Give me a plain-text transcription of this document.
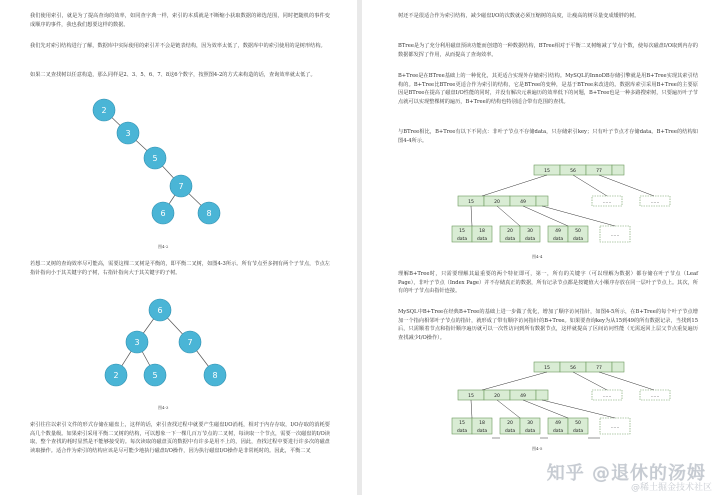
我们使用索引，就是为了提高查询的效率，如同查字典一样，索引的本质就是不断缩小获取数据的筛选范围，同时把随机的事件变成顺序的事件，我也我们想要这样的数据。

我们先对索引结构进行了解，数据库中实际使用的索引并不会是链表结构，因为效率太低了，数据库中的索引使用的是树形结构。

如果二叉查找树以任意构造，那么同样是2、3、5、6、7、8这6个数字，按照图4-2的方式来构造的话，查询效率就太低了。

2
3
5
7
6	8
6
3	7
2	5	8
图4-2

若想二叉树的查询效率尽可能高，需要这棵二叉树是平衡的，即平衡二叉树，如图4-3所示。所有节点至多拥有两个子节点，节点左指针指向小于其关键字的子树，右指针指向大于其关键字的子树。

图4-3

索引往往以索引文件的形式存储在磁盘上，这样的话，索引查找过程中就要产生磁盘I/O消耗，相对于内存存取，I/O存取的消耗要高几个数量级。如果索引采用平衡二叉树的结构，可以想象一下一棵几百万节点的二叉树，每读取一个节点，需要一次磁盘的I/O读取，整个查找的耗时显然是不能够接受的。每次读取的磁盘页的数据中有许多是用不上的，因此，查找过程中要进行许多次的磁盘读取操作。适合作为索引的结构应该是尽可能少地执行磁盘I/O操作，因为执行磁盘I/O操作是非常耗时的。因此，平衡二叉

树还不是很适合作为索引结构，减少磁盘I/O的次数就必须压缩树的高度，让瘦高的树尽量变成矮胖的树。

BTree是为了充分利用磁盘预读功能而创建的一种数据结构，BTree相对于平衡二叉树缩减了节点个数，使每次磁盘I/O取到内存的数据都发挥了作用，从而提高了查询效率。

B+Tree是在BTree基础上的一种优化，其更适合实现外存储索引结构。MySQL的InnoDB存储引擎就是用B+Tree实现其索引结构的。B+Tree比BTree更适合作为索引的结构，它是BTree的变种，是基于BTree来改进的。数据库索引采用B+Tree的主要原因是BTree在提高了磁盘I/O性能的同时，并没有解决元素遍历的效率低下的问题，B+Tree也是一种多路搜索树，只要遍历叶子节点就可以实现整棵树的遍历，B+Tree的结构也特别适合带有范围的查找。

与BTree相比，B+Tree有以下不同点：非叶子节点不存储data，只存储索引key；只有叶子节点才存储data。B+Tree的结构如图4-4所示。

15	56	77
15	20	49	......	......
......
15	18	20	30	49	50
data data	data data	data data
15	56	77
15	20	49	......	......
......
15	18	20	30	49	50
data data	data data	data data
图4-4

理解B+Tree时，只需要理解其最重要的两个特征即可，第一，所有的关键字（可以理解为数据）都存储在叶子节点（Leaf Page），非叶子节点（Index Page）并不存储真正的数据，所有记录节点都是按键值大小顺序存放在同一层叶子节点上。其次，所有的叶子节点由指针连接。

MySQL中B+Tree在经典B+Tree的基础上进一步做了优化，增加了顺序访问指针，如图4-5所示，在B+Tree的每个叶子节点增加一个指向相邻叶子节点的指针，就形成了带有顺序访问指针的B+Tree。如果要查询key为从15到49的所有数据记录，当找到15后，只需顺着节点和指针顺序遍历就可以一次性访问到所有数据节点，这样就提高了区间访问性能（无需返回上层父节点重复遍历查找减少I/O操作）。

图4-5
知乎 @退休的汤姆
@稀土掘金技术社区
